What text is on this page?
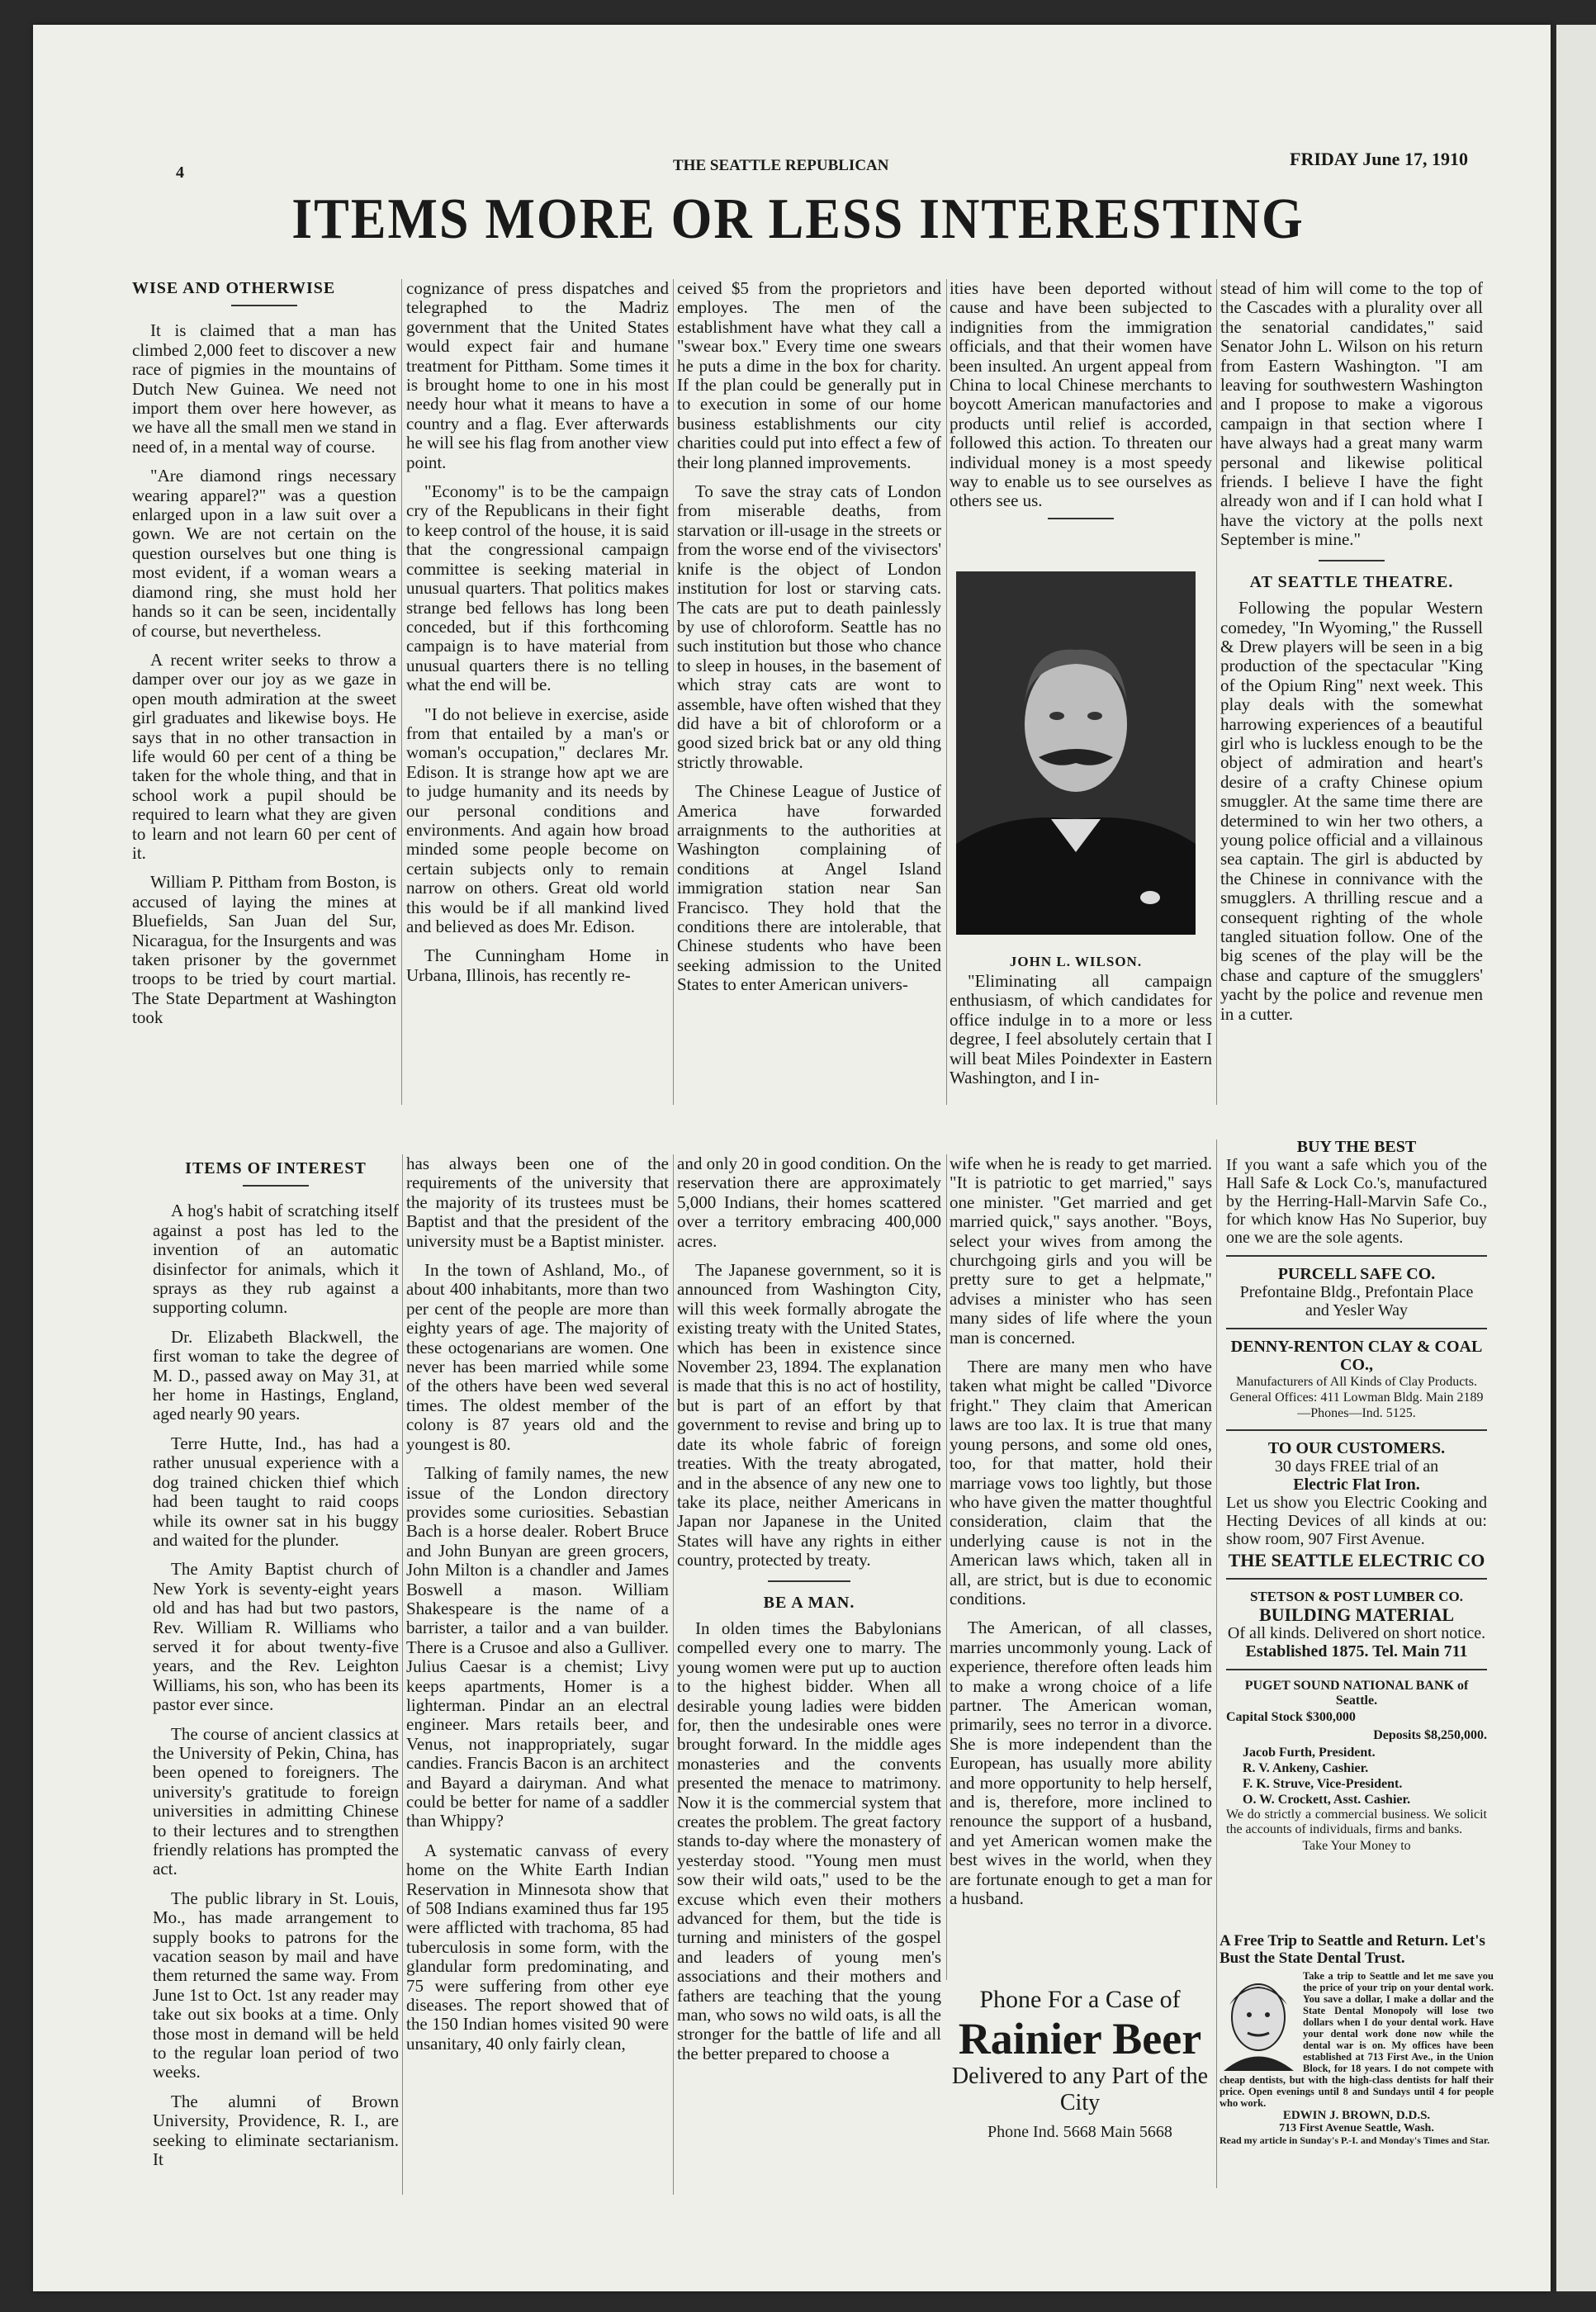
4	THE SEATTLE REPUBLICAN	FRIDAY June 17, 1910
ITEMS MORE OR LESS INTERESTING
WISE AND OTHERWISE

It is claimed that a man has climbed 2,000 feet to discover a new race of pigmies in the mountains of Dutch New Guinea. We need not import them over here however, as we have all the small men we stand in need of, in a mental way of course.

"Are diamond rings necessary wearing apparel?" was a question enlarged upon in a law suit over a gown. We are not certain on the question ourselves but one thing is most evident, if a woman wears a diamond ring, she must hold her hands so it can be seen, incidentally of course, but nevertheless.

A recent writer seeks to throw a damper over our joy as we gaze in open mouth admiration at the sweet girl graduates and likewise boys. He says that in no other transaction in life would 60 per cent of a thing be taken for the whole thing, and that in school work a pupil should be required to learn what they are given to learn and not learn 60 per cent of it.

William P. Pittham from Boston, is accused of laying the mines at Bluefields, San Juan del Sur, Nicaragua, for the Insurgents and was taken prisoner by the governmet troops to be tried by court martial. The State Department at Washington took

cognizance of press dispatches and telegraphed to the Madriz government that the United States would expect fair and humane treatment for Pittham. Some times it is brought home to one in his most needy hour what it means to have a country and a flag. Ever afterwards he will see his flag from another view point.

"Economy" is to be the campaign cry of the Republicans in their fight to keep control of the house, it is said that the congressional campaign committee is seeking material in unusual quarters. That politics makes strange bed fellows has long been conceded, but if this forthcoming campaign is to have material from unusual quarters there is no telling what the end will be.

"I do not believe in exercise, aside from that entailed by a man's or woman's occupation," declares Mr. Edison. It is strange how apt we are to judge humanity and its needs by our personal conditions and environments. And again how broad minded some people become on certain subjects only to remain narrow on others. Great old world this would be if all mankind lived and believed as does Mr. Edison.

The Cunningham Home in Urbana, Illinois, has recently re-

ceived $5 from the proprietors and employes. The men of the establishment have what they call a "swear box." Every time one swears he puts a dime in the box for charity. If the plan could be generally put in to execution in some of our home business establishments our city charities could put into effect a few of their long planned improvements.

To save the stray cats of London from miserable deaths, from starvation or ill-usage in the streets or from the worse end of the vivisectors' knife is the object of London institution for lost or starving cats. The cats are put to death painlessly by use of chloroform. Seattle has no such institution but those who chance to sleep in houses, in the basement of which stray cats are wont to assemble, have often wished that they did have a bit of chloroform or a good sized brick bat or any old thing strictly throwable.

The Chinese League of Justice of America have forwarded arraignments to the authorities at Washington complaining of conditions at Angel Island immigration station near San Francisco. They hold that the conditions there are intolerable, that Chinese students who have been seeking admission to the United States to enter American univers-

ities have been deported without cause and have been subjected to indignities from the immigration officials, and that their women have been insulted. An urgent appeal from China to local Chinese merchants to boycott American manufactories and products until relief is accorded, followed this action. To threaten our individual money is a most speedy way to enable us to see ourselves as others see us.

JOHN L. WILSON.

"Eliminating all campaign enthusiasm, of which candidates for office indulge in to a more or less degree, I feel absolutely certain that I will beat Miles Poindexter in Eastern Washington, and I in-

stead of him will come to the top of the Cascades with a plurality over all the senatorial candidates," said Senator John L. Wilson on his return from Eastern Washington. "I am leaving for southwestern Washington and I propose to make a vigorous campaign in that section where I have always had a great many warm personal and likewise political friends. I believe I have the fight already won and if I can hold what I have the victory at the polls next September is mine."

AT SEATTLE THEATRE.

Following the popular Western comedey, "In Wyoming," the Russell & Drew players will be seen in a big production of the spectacular "King of the Opium Ring" next week. This play deals with the somewhat harrowing experiences of a beautiful girl who is luckless enough to be the object of admiration and heart's desire of a crafty Chinese opium smuggler. At the same time there are determined to win her two others, a young police official and a villainous sea captain. The girl is abducted by the Chinese in connivance with the smugglers. A thrilling rescue and a consequent righting of the whole tangled situation follow. One of the big scenes of the play will be the chase and capture of the smugglers' yacht by the police and revenue men in a cutter.

ITEMS OF INTEREST

A hog's habit of scratching itself against a post has led to the invention of an automatic disinfector for animals, which it sprays as they rub against a supporting column.

Dr. Elizabeth Blackwell, the first woman to take the degree of M. D., passed away on May 31, at her home in Hastings, England, aged nearly 90 years.

Terre Hutte, Ind., has had a rather unusual experience with a dog trained chicken thief which had been taught to raid coops while its owner sat in his buggy and waited for the plunder.

The Amity Baptist church of New York is seventy-eight years old and has had but two pastors, Rev. William R. Williams who served it for about twenty-five years, and the Rev. Leighton Williams, his son, who has been its pastor ever since.

The course of ancient classics at the University of Pekin, China, has been opened to foreigners. The university's gratitude to foreign universities in admitting Chinese to their lectures and to strengthen friendly relations has prompted the act.

The public library in St. Louis, Mo., has made arrangement to supply books to patrons for the vacation season by mail and have them returned the same way. From June 1st to Oct. 1st any reader may take out six books at a time. Only those most in demand will be held to the regular loan period of two weeks.

The alumni of Brown University, Providence, R. I., are seeking to eliminate sectarianism. It

has always been one of the requirements of the university that the majority of its trustees must be Baptist and that the president of the university must be a Baptist minister.

In the town of Ashland, Mo., of about 400 inhabitants, more than two per cent of the people are more than eighty years of age. The majority of these octogenarians are women. One never has been married while some of the others have been wed several times. The oldest member of the colony is 87 years old and the youngest is 80.

Talking of family names, the new issue of the London directory provides some curiosities. Sebastian Bach is a horse dealer. Robert Bruce and John Bunyan are green grocers, John Milton is a chandler and James Boswell a mason. William Shakespeare is the name of a barrister, a tailor and a van builder. There is a Crusoe and also a Gulliver. Julius Caesar is a chemist; Livy keeps apartments, Homer is a lighterman. Pindar an an electral engineer. Mars retails beer, and Venus, not inappropriately, sugar candies. Francis Bacon is an architect and Bayard a dairyman. And what could be better for name of a saddler than Whippy?

A systematic canvass of every home on the White Earth Indian Reservation in Minnesota show that of 508 Indians examined thus far 195 were afflicted with trachoma, 85 had tuberculosis in some form, with the glandular form predominating, and 75 were suffering from other eye diseases. The report showed that of the 150 Indian homes visited 90 were unsanitary, 40 only fairly clean,

and only 20 in good condition. On the reservation there are approximately 5,000 Indians, their homes scattered over a territory embracing 400,000 acres.

The Japanese government, so it is announced from Washington City, will this week formally abrogate the existing treaty with the United States, which has been in existence since November 23, 1894. The explanation is made that this is no act of hostility, but is part of an effort by that government to revise and bring up to date its whole fabric of foreign treaties. With the treaty abrogated, and in the absence of any new one to take its place, neither Americans in Japan nor Japanese in the United States will have any rights in either country, protected by treaty.

BE A MAN.

In olden times the Babylonians compelled every one to marry. The young women were put up to auction to the highest bidder. When all desirable young ladies were bidden for, then the undesirable ones were brought forward. In the middle ages monasteries and the convents presented the menace to matrimony. Now it is the commercial system that creates the problem. The great factory stands to-day where the monastery of yesterday stood. "Young men must sow their wild oats," used to be the excuse which even their mothers advanced for them, but the tide is turning and ministers of the gospel and leaders of young men's associations and their mothers and fathers are teaching that the young man, who sows no wild oats, is all the stronger for the battle of life and all the better prepared to choose a

wife when he is ready to get married. "It is patriotic to get married," says one minister. "Get married and get married quick," says another. "Boys, select your wives from among the churchgoing girls and you will be pretty sure to get a helpmate," advises a minister who has seen many sides of life where the youn man is concerned.

There are many men who have taken what might be called "Divorce fright." They claim that American laws are too lax. It is true that many young persons, and some old ones, too, for that matter, hold their marriage vows too lightly, but those who have given the matter thoughtful consideration, claim that the underlying cause is not in the American laws which, taken all in all, are strict, but is due to economic conditions.

The American, of all classes, marries uncommonly young. Lack of experience, therefore often leads him to make a wrong choice of a life partner. The American woman, primarily, sees no terror in a divorce. She is more independent than the European, has usually more ability and more opportunity to help herself, and is, therefore, more inclined to renounce the support of a husband, and yet American women make the best wives in the world, when they are fortunate enough to get a man for a husband.

Phone For a Case of
Rainier Beer
Delivered to any Part of the City
Phone Ind. 5668 Main 5668
BUY THE BEST
If you want a safe which you of the Hall Safe & Lock Co.'s, manufactured by the Herring-Hall-Marvin Safe Co., for which know Has No Superior, buy one we are the sole agents.
PURCELL SAFE CO.
Prefontaine Bldg., Prefontain Place and Yesler Way
DENNY-RENTON CLAY & COAL CO.,
Manufacturers of All Kinds of Clay Products. General Offices: 411 Lowman Bldg. Main 2189—Phones—Ind. 5125.
TO OUR CUSTOMERS.
30 days FREE trial of an
Electric Flat Iron.
Let us show you Electric Cooking and Hecting Devices of all kinds at ou: show room, 907 First Avenue.
THE SEATTLE ELECTRIC CO
STETSON & POST LUMBER CO.
BUILDING MATERIAL
Of all kinds. Delivered on short notice.
Established 1875. Tel. Main 711
PUGET SOUND NATIONAL BANK of Seattle.
Capital Stock $300,000
Deposits $8,250,000.
Jacob Furth, President.
R. V. Ankeny, Cashier.
F. K. Struve, Vice-President.
O. W. Crockett, Asst. Cashier.
We do strictly a commercial business. We solicit the accounts of individuals, firms and banks.
Take Your Money to
A Free Trip to Seattle and Return. Let's Bust the State Dental Trust.
Take a trip to Seattle and let me save you the price of your trip on your dental work. You save a dollar, I make a dollar and the State Dental Monopoly will lose two dollars when I do your dental work. Have your dental work done now while the dental war is on. My offices have been established at 713 First Ave., in the Union Block, for 18 years. I do not compete with cheap dentists, but with the high-class dentists for half their price. Open evenings until 8 and Sundays until 4 for people who work.
EDWIN J. BROWN, D.D.S.
713 First Avenue Seattle, Wash.
Read my article in Sunday's P.-I. and Monday's Times and Star.
